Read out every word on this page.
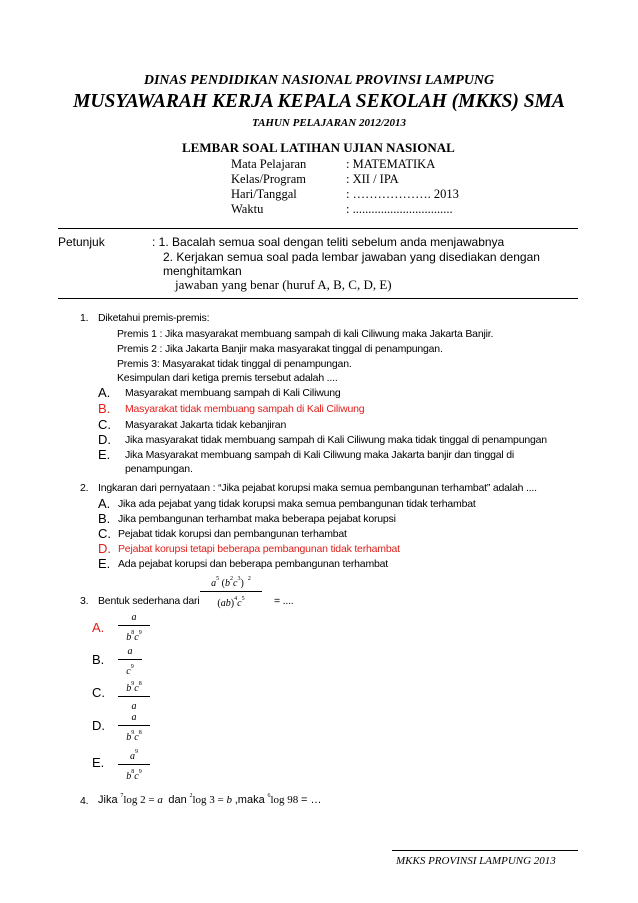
DINAS PENDIDIKAN NASIONAL PROVINSI LAMPUNG
MUSYAWARAH KERJA KEPALA SEKOLAH (MKKS) SMA
TAHUN PELAJARAN 2012/2013
LEMBAR SOAL LATIHAN UJIAN NASIONAL
Mata Pelajaran	: MATEMATIKA
Kelas/Program	: XII / IPA
Hari/Tanggal	: ………………. 2013
Waktu	: ................................
Petunjuk	: 1. Bacalah semua soal dengan teliti sebelum anda menjawabnya
2. Kerjakan semua soal pada lembar jawaban yang disediakan dengan
menghitamkan
jawaban yang benar (huruf A, B, C, D, E)
1. Diketahui premis-premis:
Premis 1 : Jika masyarakat membuang sampah di kali Ciliwung maka Jakarta Banjir.
Premis 2 : Jika Jakarta Banjir maka masyarakat tinggal di penampungan.
Premis 3: Masyarakat tidak tinggal di penampungan.
Kesimpulan dari ketiga premis tersebut adalah ....
A. Masyarakat membuang sampah di Kali Ciliwung
B. Masyarakat tidak membuang sampah di Kali Ciliwung
C. Masyarakat Jakarta tidak kebanjiran
D. Jika masyarakat tidak membuang sampah di Kali Ciliwung maka tidak tinggal di penampungan
E. Jika Masyarakat membuang sampah di Kali Ciliwung maka Jakarta banjir dan tinggal di
penampungan.
2. Ingkaran dari pernyataan : “Jika pejabat korupsi maka semua pembangunan terhambat” adalah ....
A. Jika ada pejabat yang tidak korupsi maka semua pembangunan tidak terhambat
B. Jika pembangunan terhambat maka beberapa pejabat korupsi
C. Pejabat tidak korupsi dan pembangunan terhambat
D. Pejabat korupsi tetapi beberapa pembangunan tidak terhambat
E. Ada pejabat korupsi dan beberapa pembangunan terhambat
3. Bentuk sederhana dari
$a^5$ $(b^2c^3)$ $^2$
$(ab)^4c^5$	= ....
A.
a
$b^8c^9$
B.
a
$c^9$
C.	$b^9c^8$
a
D.
a
$b^9c^8$
E.	$a^9$
$b^8c^9$
4. Jika $^7$log 2 = a dan $^2$log 3 = b ,maka $^6$log 98 = …
MKKS PROVINSI LAMPUNG 2013
